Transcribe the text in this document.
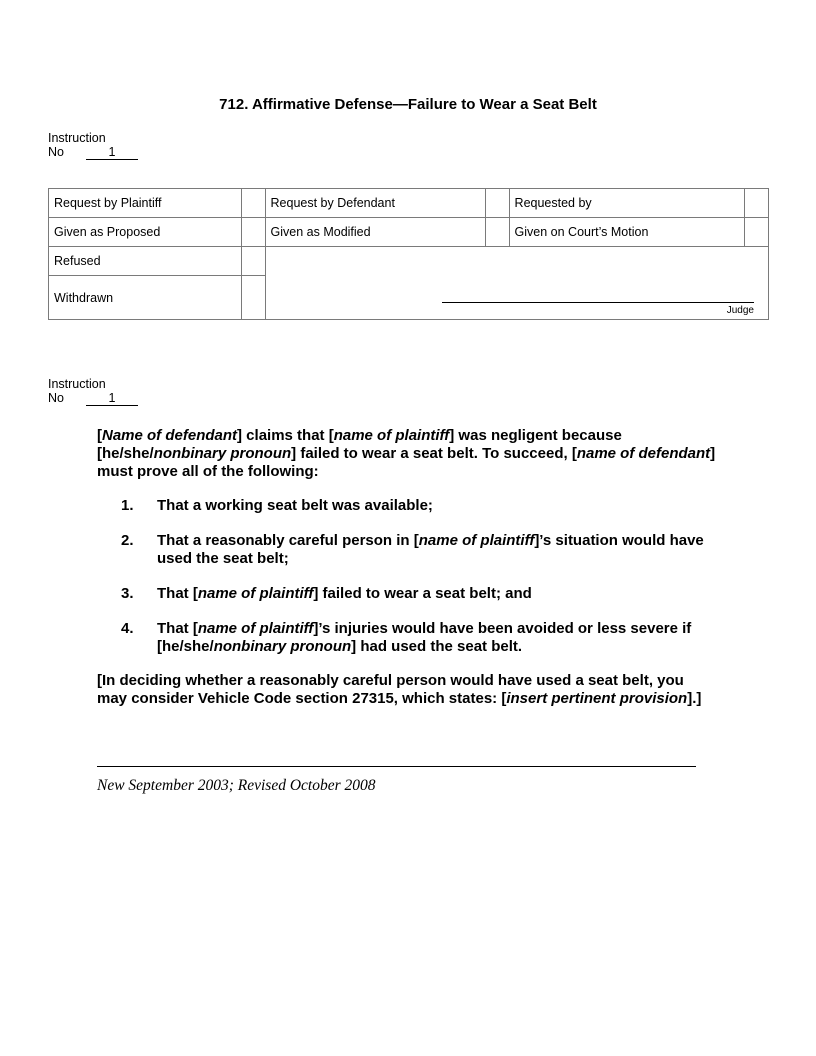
712. Affirmative Defense—Failure to Wear a Seat Belt
Instruction
No	1
Request by Plaintiff		Request by Defendant		Requested by	
Given as Proposed		Given as Modified		Given on Court’s Motion	
Refused		Judge			

Withdrawn					
Instruction
No	1
[Name of defendant] claims that [name of plaintiff] was negligent because [he/she/nonbinary pronoun] failed to wear a seat belt. To succeed, [name of defendant] must prove all of the following:
1.	That a working seat belt was available;
2.	That a reasonably careful person in [name of plaintiff]’s situation would have used the seat belt;
3.	That [name of plaintiff] failed to wear a seat belt; and
4.	That [name of plaintiff]’s injuries would have been avoided or less severe if [he/she/nonbinary pronoun] had used the seat belt.
[In deciding whether a reasonably careful person would have used a seat belt, you may consider Vehicle Code section 27315, which states: [insert pertinent provision].]
New September 2003; Revised October 2008
